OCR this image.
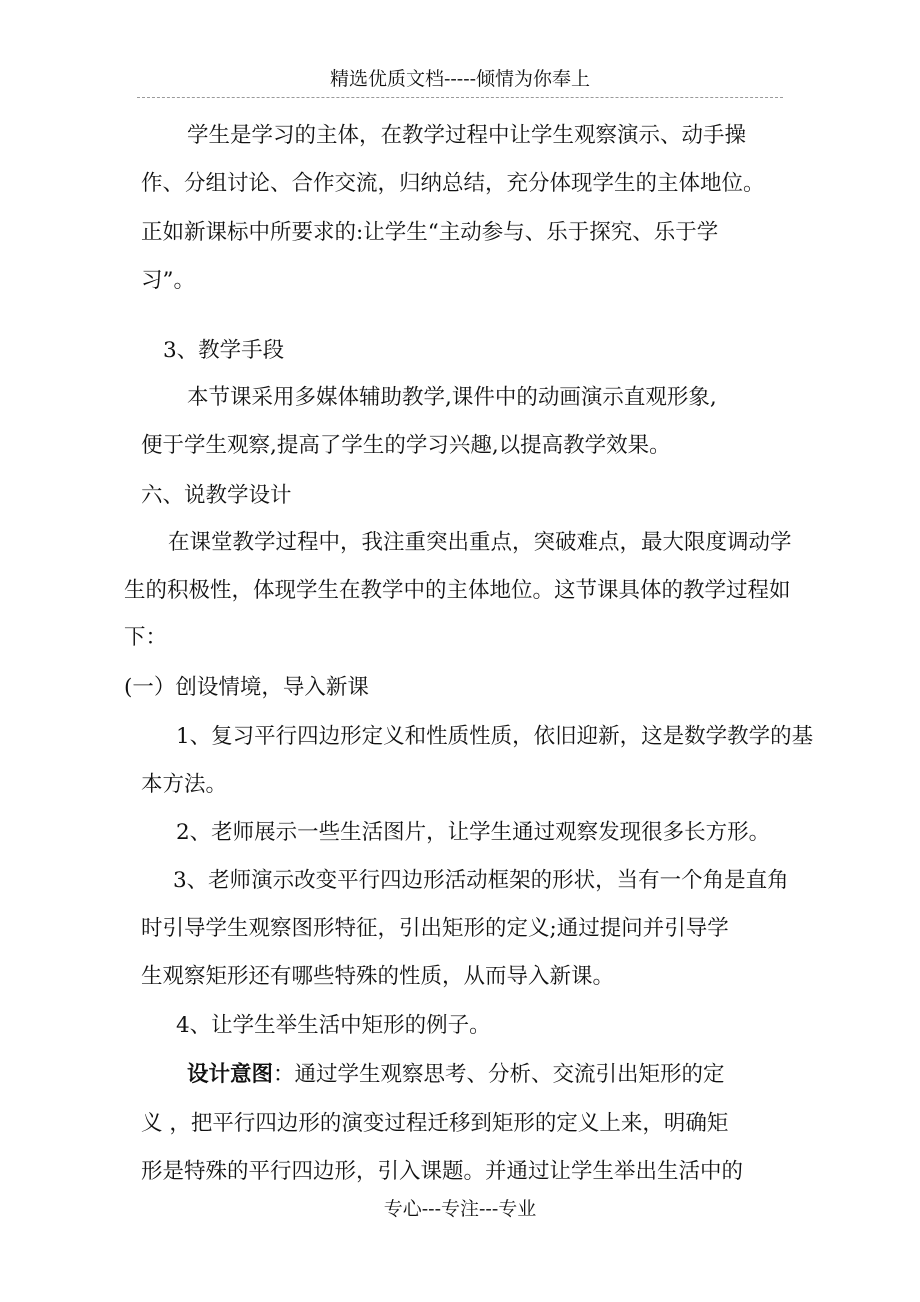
精选优质文档-----倾情为你奉上
学生是学习的主体，在教学过程中让学生观察演示、动手操
作、分组讨论、合作交流，归纳总结，充分体现学生的主体地位。
正如新课标中所要求的:让学生“主动参与、乐于探究、乐于学
习”。
3、教学手段
本节课采用多媒体辅助教学,课件中的动画演示直观形象,
便于学生观察,提高了学生的学习兴趣,以提高教学效果。
六、说教学设计
在课堂教学过程中，我注重突出重点，突破难点，最大限度调动学
生的积极性，体现学生在教学中的主体地位。这节课具体的教学过程如
下：
(一）创设情境，导入新课
1、复习平行四边形定义和性质性质，依旧迎新，这是数学教学的基
本方法。
2、老师展示一些生活图片，让学生通过观察发现很多长方形。
3、老师演示改变平行四边形活动框架的形状，当有一个角是直角
时引导学生观察图形特征，引出矩形的定义;通过提问并引导学
生观察矩形还有哪些特殊的性质，从而导入新课。
4、让学生举生活中矩形的例子。
设计意图：通过学生观察思考、分析、交流引出矩形的定
义 ，把平行四边形的演变过程迁移到矩形的定义上来，明确矩
形是特殊的平行四边形，引入课题。并通过让学生举出生活中的
专心---专注---专业
